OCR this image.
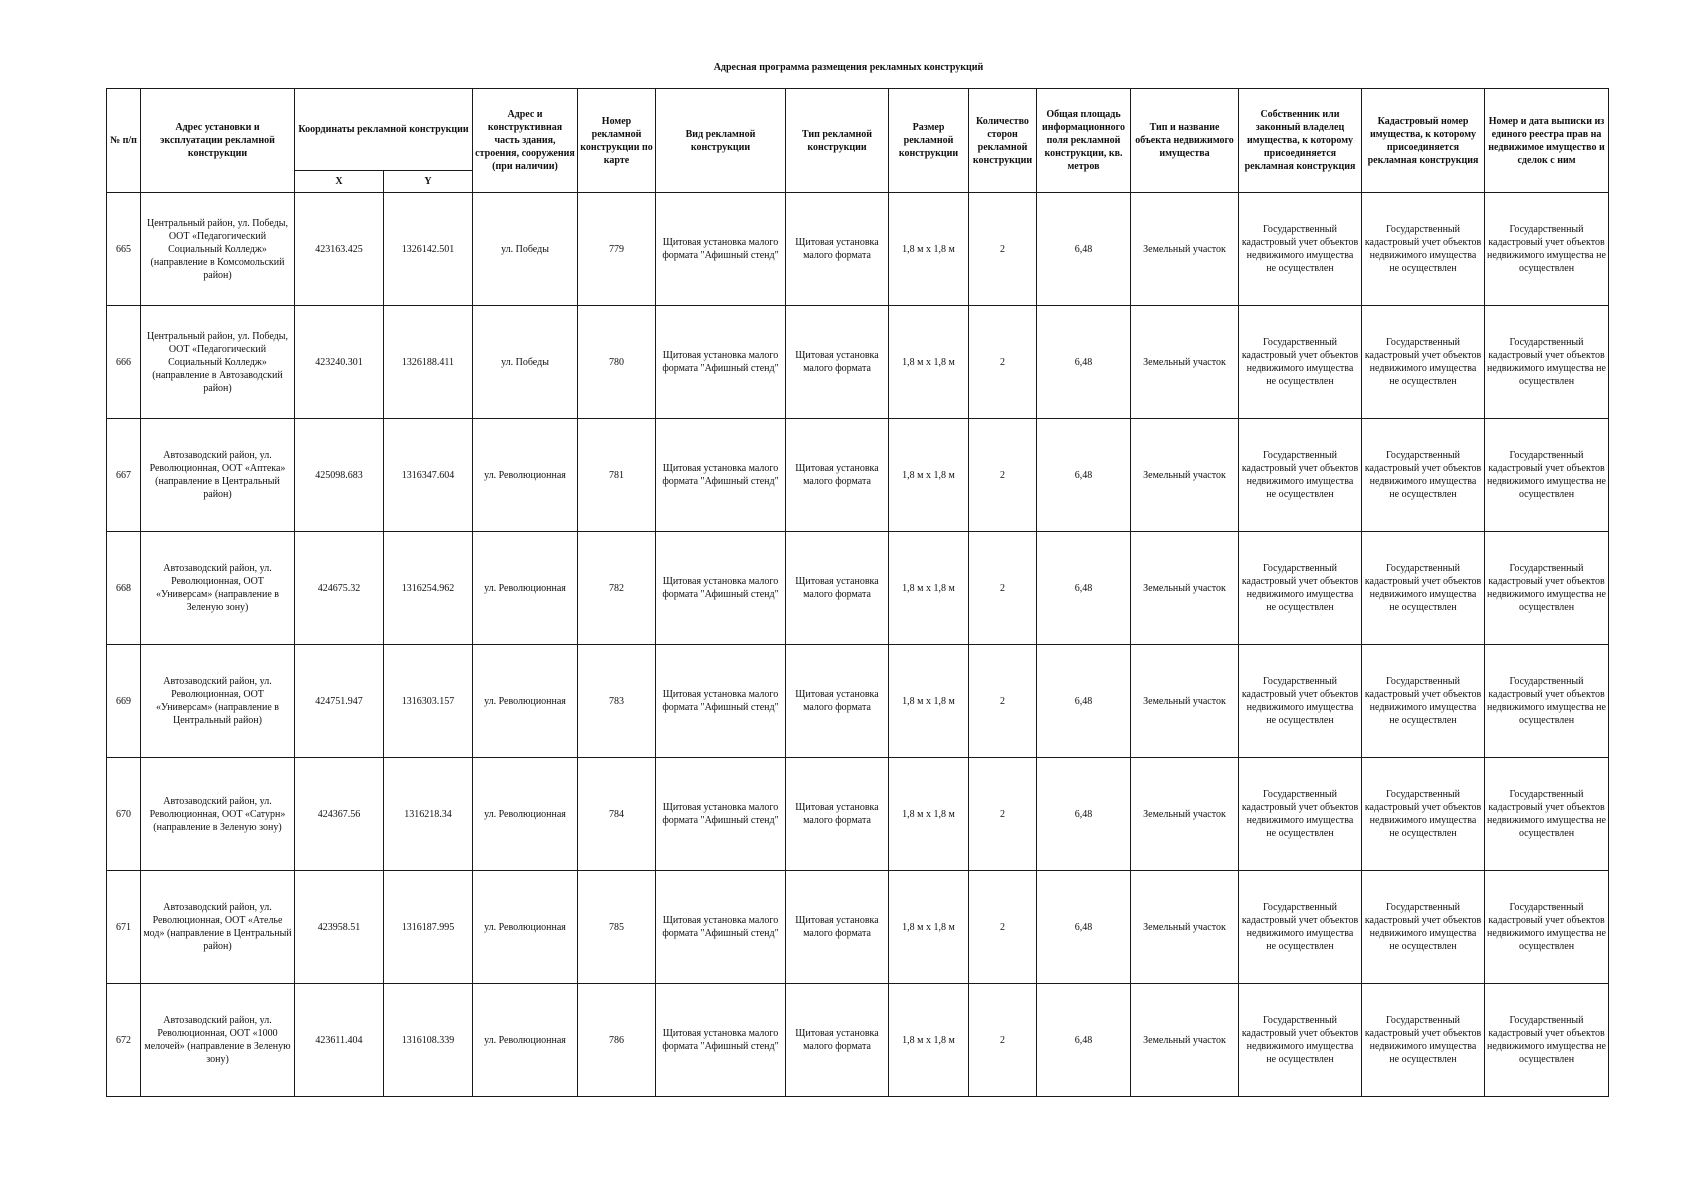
Адресная программа размещения рекламных конструкций
№ п/п	Адрес установки и эксплуатации рекламной конструкции	Координаты рекламной конструкции		Адрес и конструктивная часть здания, строения, сооружения (при наличии)	Номер рекламной конструкции по карте	Вид рекламной конструкции	Тип рекламной конструкции	Размер рекламной конструкции	Количество сторон рекламной конструкции	Общая площадь информационного поля рекламной конструкции, кв. метров	Тип и название объекта недвижимого имущества	Собственник или законный владелец имущества, к которому присоединяется рекламная конструкция	Кадастровый номер имущества, к которому присоединяется рекламная конструкция	Номер и дата выписки из единого реестра прав на недвижимое имущество и сделок с ним
		X	Y											
665	Центральный район, ул. Победы, ООТ «Педагогический Социальный Колледж» (направление в Комсомольский район)	423163.425	1326142.501	ул. Победы	779	Щитовая установка малого формата "Афишный стенд"	Щитовая установка малого формата	1,8 м х 1,8 м	2	6,48	Земельный участок	Государственный кадастровый учет объектов недвижимого имущества не осуществлен	Государственный кадастровый учет объектов недвижимого имущества не осуществлен	Государственный кадастровый учет объектов недвижимого имущества не осуществлен
666	Центральный район, ул. Победы, ООТ «Педагогический Социальный Колледж» (направление в Автозаводский район)	423240.301	1326188.411	ул. Победы	780	Щитовая установка малого формата "Афишный стенд"	Щитовая установка малого формата	1,8 м х 1,8 м	2	6,48	Земельный участок	Государственный кадастровый учет объектов недвижимого имущества не осуществлен	Государственный кадастровый учет объектов недвижимого имущества не осуществлен	Государственный кадастровый учет объектов недвижимого имущества не осуществлен
667	Автозаводский район, ул. Революционная, ООТ «Аптека» (направление в Центральный район)	425098.683	1316347.604	ул. Революционная	781	Щитовая установка малого формата "Афишный стенд"	Щитовая установка малого формата	1,8 м х 1,8 м	2	6,48	Земельный участок	Государственный кадастровый учет объектов недвижимого имущества не осуществлен	Государственный кадастровый учет объектов недвижимого имущества не осуществлен	Государственный кадастровый учет объектов недвижимого имущества не осуществлен
668	Автозаводский район, ул. Революционная, ООТ «Универсам» (направление в Зеленую зону)	424675.32	1316254.962	ул. Революционная	782	Щитовая установка малого формата "Афишный стенд"	Щитовая установка малого формата	1,8 м х 1,8 м	2	6,48	Земельный участок	Государственный кадастровый учет объектов недвижимого имущества не осуществлен	Государственный кадастровый учет объектов недвижимого имущества не осуществлен	Государственный кадастровый учет объектов недвижимого имущества не осуществлен
669	Автозаводский район, ул. Революционная, ООТ «Универсам» (направление в Центральный район)	424751.947	1316303.157	ул. Революционная	783	Щитовая установка малого формата "Афишный стенд"	Щитовая установка малого формата	1,8 м х 1,8 м	2	6,48	Земельный участок	Государственный кадастровый учет объектов недвижимого имущества не осуществлен	Государственный кадастровый учет объектов недвижимого имущества не осуществлен	Государственный кадастровый учет объектов недвижимого имущества не осуществлен
670	Автозаводский район, ул. Революционная, ООТ «Сатурн» (направление в Зеленую зону)	424367.56	1316218.34	ул. Революционная	784	Щитовая установка малого формата "Афишный стенд"	Щитовая установка малого формата	1,8 м х 1,8 м	2	6,48	Земельный участок	Государственный кадастровый учет объектов недвижимого имущества не осуществлен	Государственный кадастровый учет объектов недвижимого имущества не осуществлен	Государственный кадастровый учет объектов недвижимого имущества не осуществлен
671	Автозаводский район, ул. Революционная, ООТ «Ателье мод» (направление в Центральный район)	423958.51	1316187.995	ул. Революционная	785	Щитовая установка малого формата "Афишный стенд"	Щитовая установка малого формата	1,8 м х 1,8 м	2	6,48	Земельный участок	Государственный кадастровый учет объектов недвижимого имущества не осуществлен	Государственный кадастровый учет объектов недвижимого имущества не осуществлен	Государственный кадастровый учет объектов недвижимого имущества не осуществлен
672	Автозаводский район, ул. Революционная, ООТ «1000 мелочей» (направление в Зеленую зону)	423611.404	1316108.339	ул. Революционная	786	Щитовая установка малого формата "Афишный стенд"	Щитовая установка малого формата	1,8 м х 1,8 м	2	6,48	Земельный участок	Государственный кадастровый учет объектов недвижимого имущества не осуществлен	Государственный кадастровый учет объектов недвижимого имущества не осуществлен	Государственный кадастровый учет объектов недвижимого имущества не осуществлен
